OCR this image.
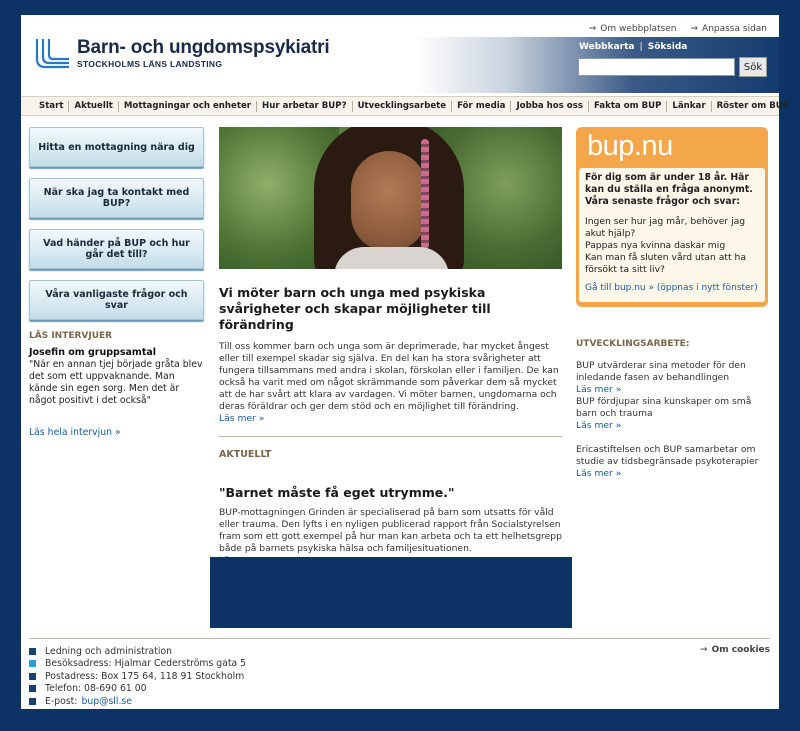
Barn- och ungdomspsykiatri
STOCKHOLMS LÄNS LANDSTING
→ Om webbplatsen → Anpassa sidan
Webbkarta | Söksida
Sök
Start	Aktuellt	Mottagningar och enheter	Hur arbetar BUP?	Utvecklingsarbete	För media	Jobba hos oss	Fakta om BUP	Länkar	Röster om BUP
Hitta en mottagning nära dig
När ska jag ta kontakt med BUP?
Vad händer på BUP och hur går det till?
Våra vanligaste frågor och svar
LÄS INTERVJUER
Josefin om gruppsamtal
"När en annan tjej började gråta blev det som ett uppvaknande. Man kände sin egen sorg. Men det är något positivt i det också"
Läs hela intervjun »
Vi möter barn och unga med psykiska svårigheter och skapar möjligheter till förändring
Till oss kommer barn och unga som är deprimerade, har mycket ångest eller till exempel skadar sig själva. En del kan ha stora svårigheter att fungera tillsammans med andra i skolan, förskolan eller i familjen. De kan också ha varit med om något skrämmande som påverkar dem så mycket att de har svårt att klara av vardagen. Vi möter barnen, ungdomarna och deras föräldrar och ger dem stöd och en möjlighet till förändring.
Läs mer »
AKTUELLT
"Barnet måste få eget utrymme."
BUP-mottagningen Grinden är specialiserad på barn som utsatts för våld eller trauma. Den lyfts i en nyligen publicerad rapport från Socialstyrelsen fram som ett gott exempel på hur man kan arbeta och ta ett helhetsgrepp både på barnets psykiska hälsa och familjesituationen.
bup.nu
För dig som är under 18 år. Här kan du ställa en fråga anonymt. Våra senaste frågor och svar:
Ingen ser hur jag mår, behöver jag akut hjälp?
Pappas nya kvinna daskar mig
Kan man få sluten vård utan att ha försökt ta sitt liv?
Gå till bup.nu » (öppnas i nytt fönster)
UTVECKLINGSARBETE:
BUP utvärderar sina metoder för den inledande fasen av behandlingen
Läs mer »
BUP fördjupar sina kunskaper om små barn och trauma
Läs mer »
Ericastiftelsen och BUP samarbetar om studie av tidsbegränsade psykoterapier
Läs mer »
Ledning och administration
Besöksadress: Hjalmar Cederströms gata 5
Postadress: Box 175 64, 118 91 Stockholm
Telefon: 08-690 61 00
E-post: bup@sll.se
→ Om cookies
